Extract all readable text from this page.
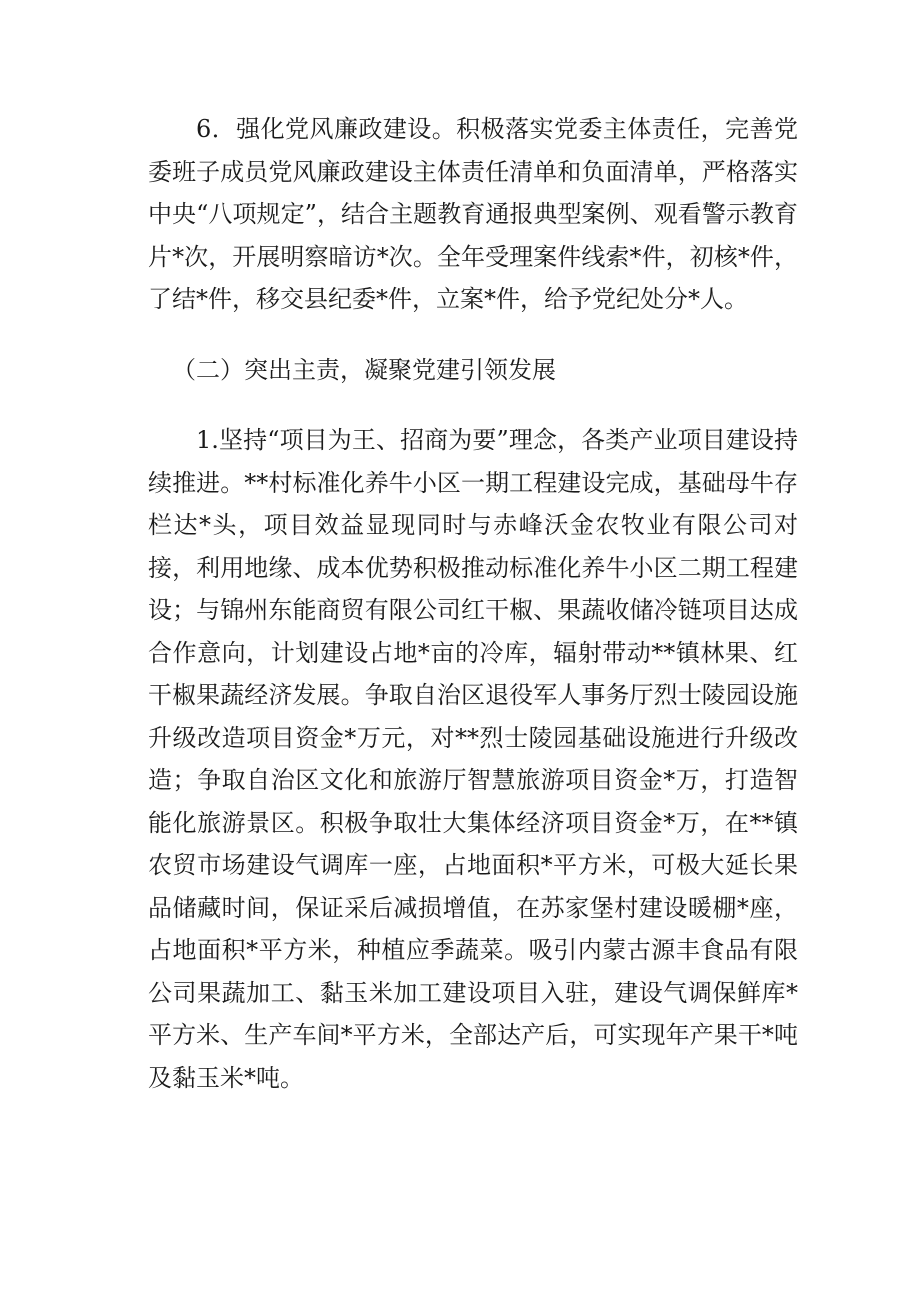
6．强化党风廉政建设。积极落实党委主体责任，完善党委班子成员党风廉政建设主体责任清单和负面清单，严格落实中央“八项规定”，结合主题教育通报典型案例、观看警示教育片*次，开展明察暗访*次。全年受理案件线索*件，初核*件，了结*件，移交县纪委*件，立案*件，给予党纪处分*人。

（二）突出主责，凝聚党建引领发展

1.坚持“项目为王、招商为要”理念，各类产业项目建设持续推进。**村标准化养牛小区一期工程建设完成，基础母牛存栏达*头，项目效益显现同时与赤峰沃金农牧业有限公司对接，利用地缘、成本优势积极推动标准化养牛小区二期工程建设；与锦州东能商贸有限公司红干椒、果蔬收储冷链项目达成合作意向，计划建设占地*亩的冷库，辐射带动**镇林果、红干椒果蔬经济发展。争取自治区退役军人事务厅烈士陵园设施升级改造项目资金*万元，对**烈士陵园基础设施进行升级改造；争取自治区文化和旅游厅智慧旅游项目资金*万，打造智能化旅游景区。积极争取壮大集体经济项目资金*万，在**镇农贸市场建设气调库一座，占地面积*平方米，可极大延长果品储藏时间，保证采后减损增值，在苏家堡村建设暖棚*座，占地面积*平方米，种植应季蔬菜。吸引内蒙古源丰食品有限公司果蔬加工、黏玉米加工建设项目入驻，建设气调保鲜库*平方米、生产车间*平方米，全部达产后，可实现年产果干*吨及黏玉米*吨。
